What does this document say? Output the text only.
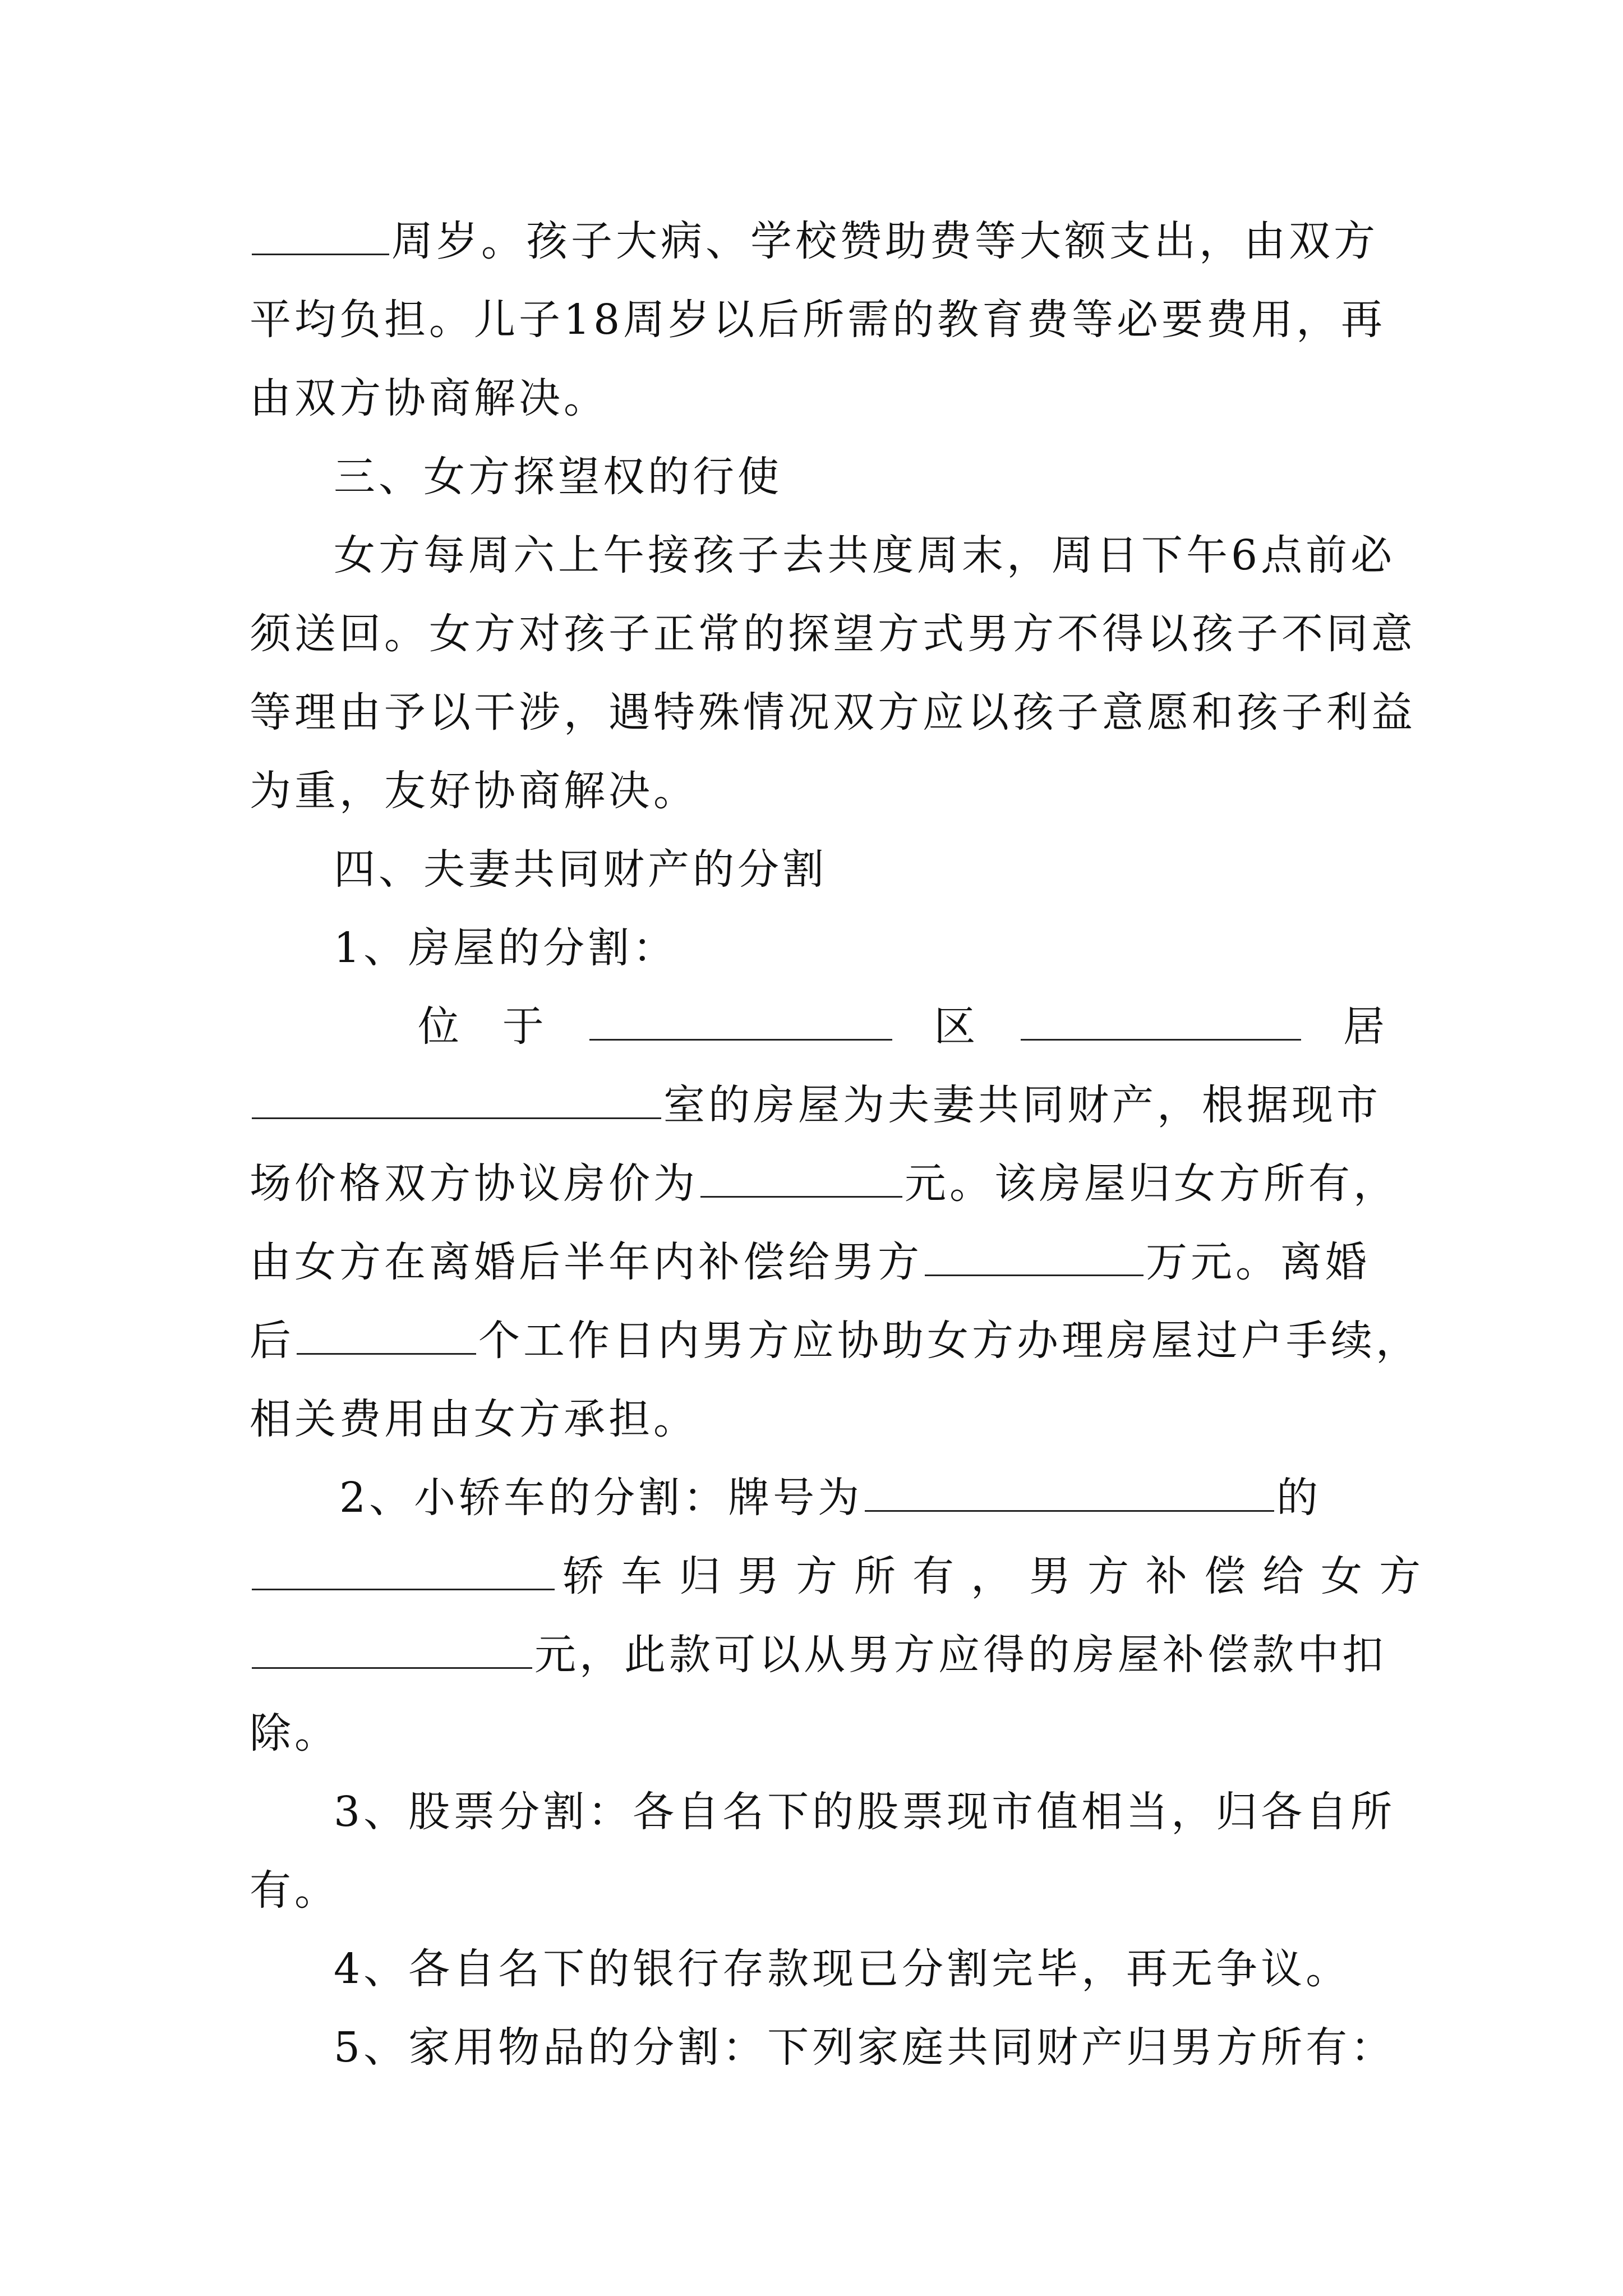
周岁。孩子大病、学校赞助费等大额支出，由双方
平均负担。儿子18周岁以后所需的教育费等必要费用，再
由双方协商解决。
三、女方探望权的行使
女方每周六上午接孩子去共度周末，周日下午6点前必
须送回。女方对孩子正常的探望方式男方不得以孩子不同意
等理由予以干涉，遇特殊情况双方应以孩子意愿和孩子利益
为重，友好协商解决。
四、夫妻共同财产的分割
1、房屋的分割：
位 于	区	居
室的房屋为夫妻共同财产，根据现市
场价格双方协议房价为	元。该房屋归女方所有，
由女方在离婚后半年内补偿给男方	万元。离婚
后	个工作日内男方应协助女方办理房屋过户手续，
相关费用由女方承担。
2、小轿车的分割：牌号为	的
轿车归男方所有，男方补偿给女方
元，此款可以从男方应得的房屋补偿款中扣
除。
3、股票分割：各自名下的股票现市值相当，归各自所
有。
4、各自名下的银行存款现已分割完毕，再无争议。
5、家用物品的分割：下列家庭共同财产归男方所有：
